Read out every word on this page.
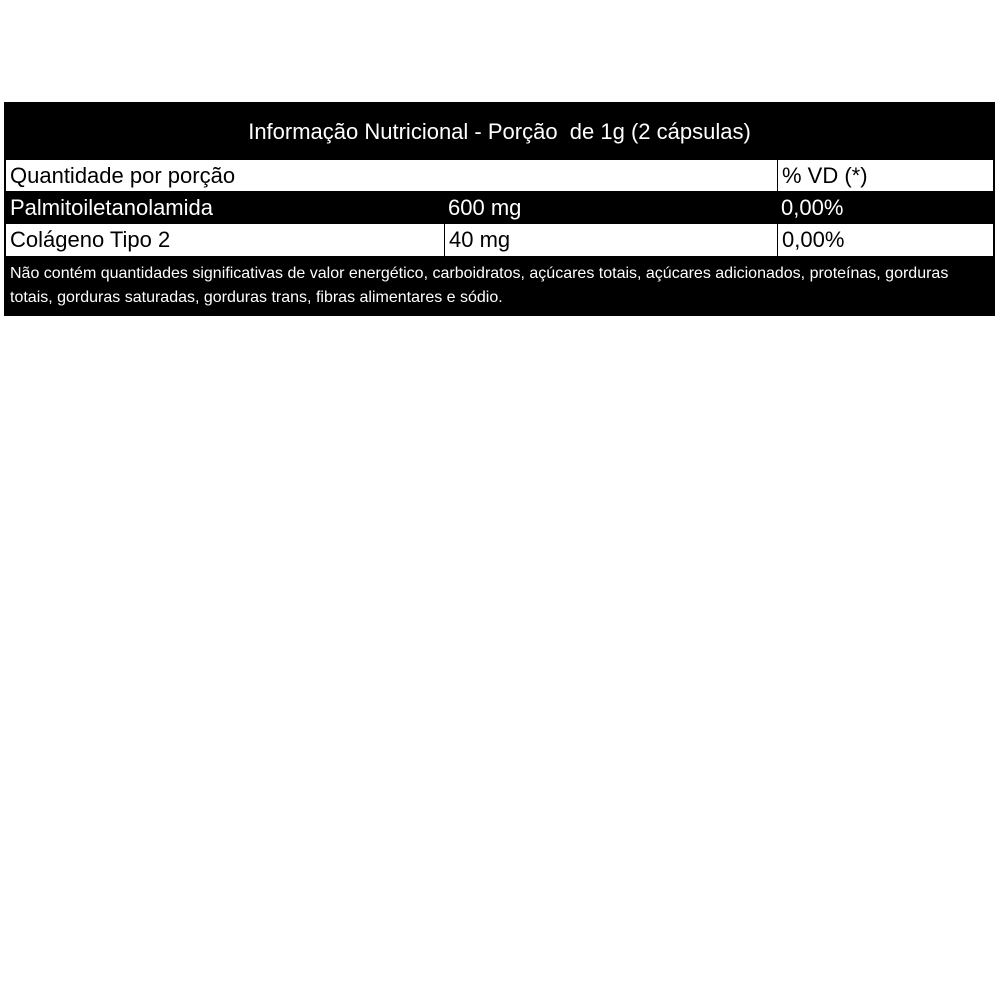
Informação Nutricional - Porção  de 1g (2 cápsulas)
Quantidade por porção	% VD (*)
Palmitoiletanolamida	600 mg	0,00%
Colágeno Tipo 2	40 mg	0,00%
Não contém quantidades significativas de valor energético, carboidratos, açúcares totais, açúcares adicionados, proteínas, gorduras totais, gorduras saturadas, gorduras trans, fibras alimentares e sódio.
